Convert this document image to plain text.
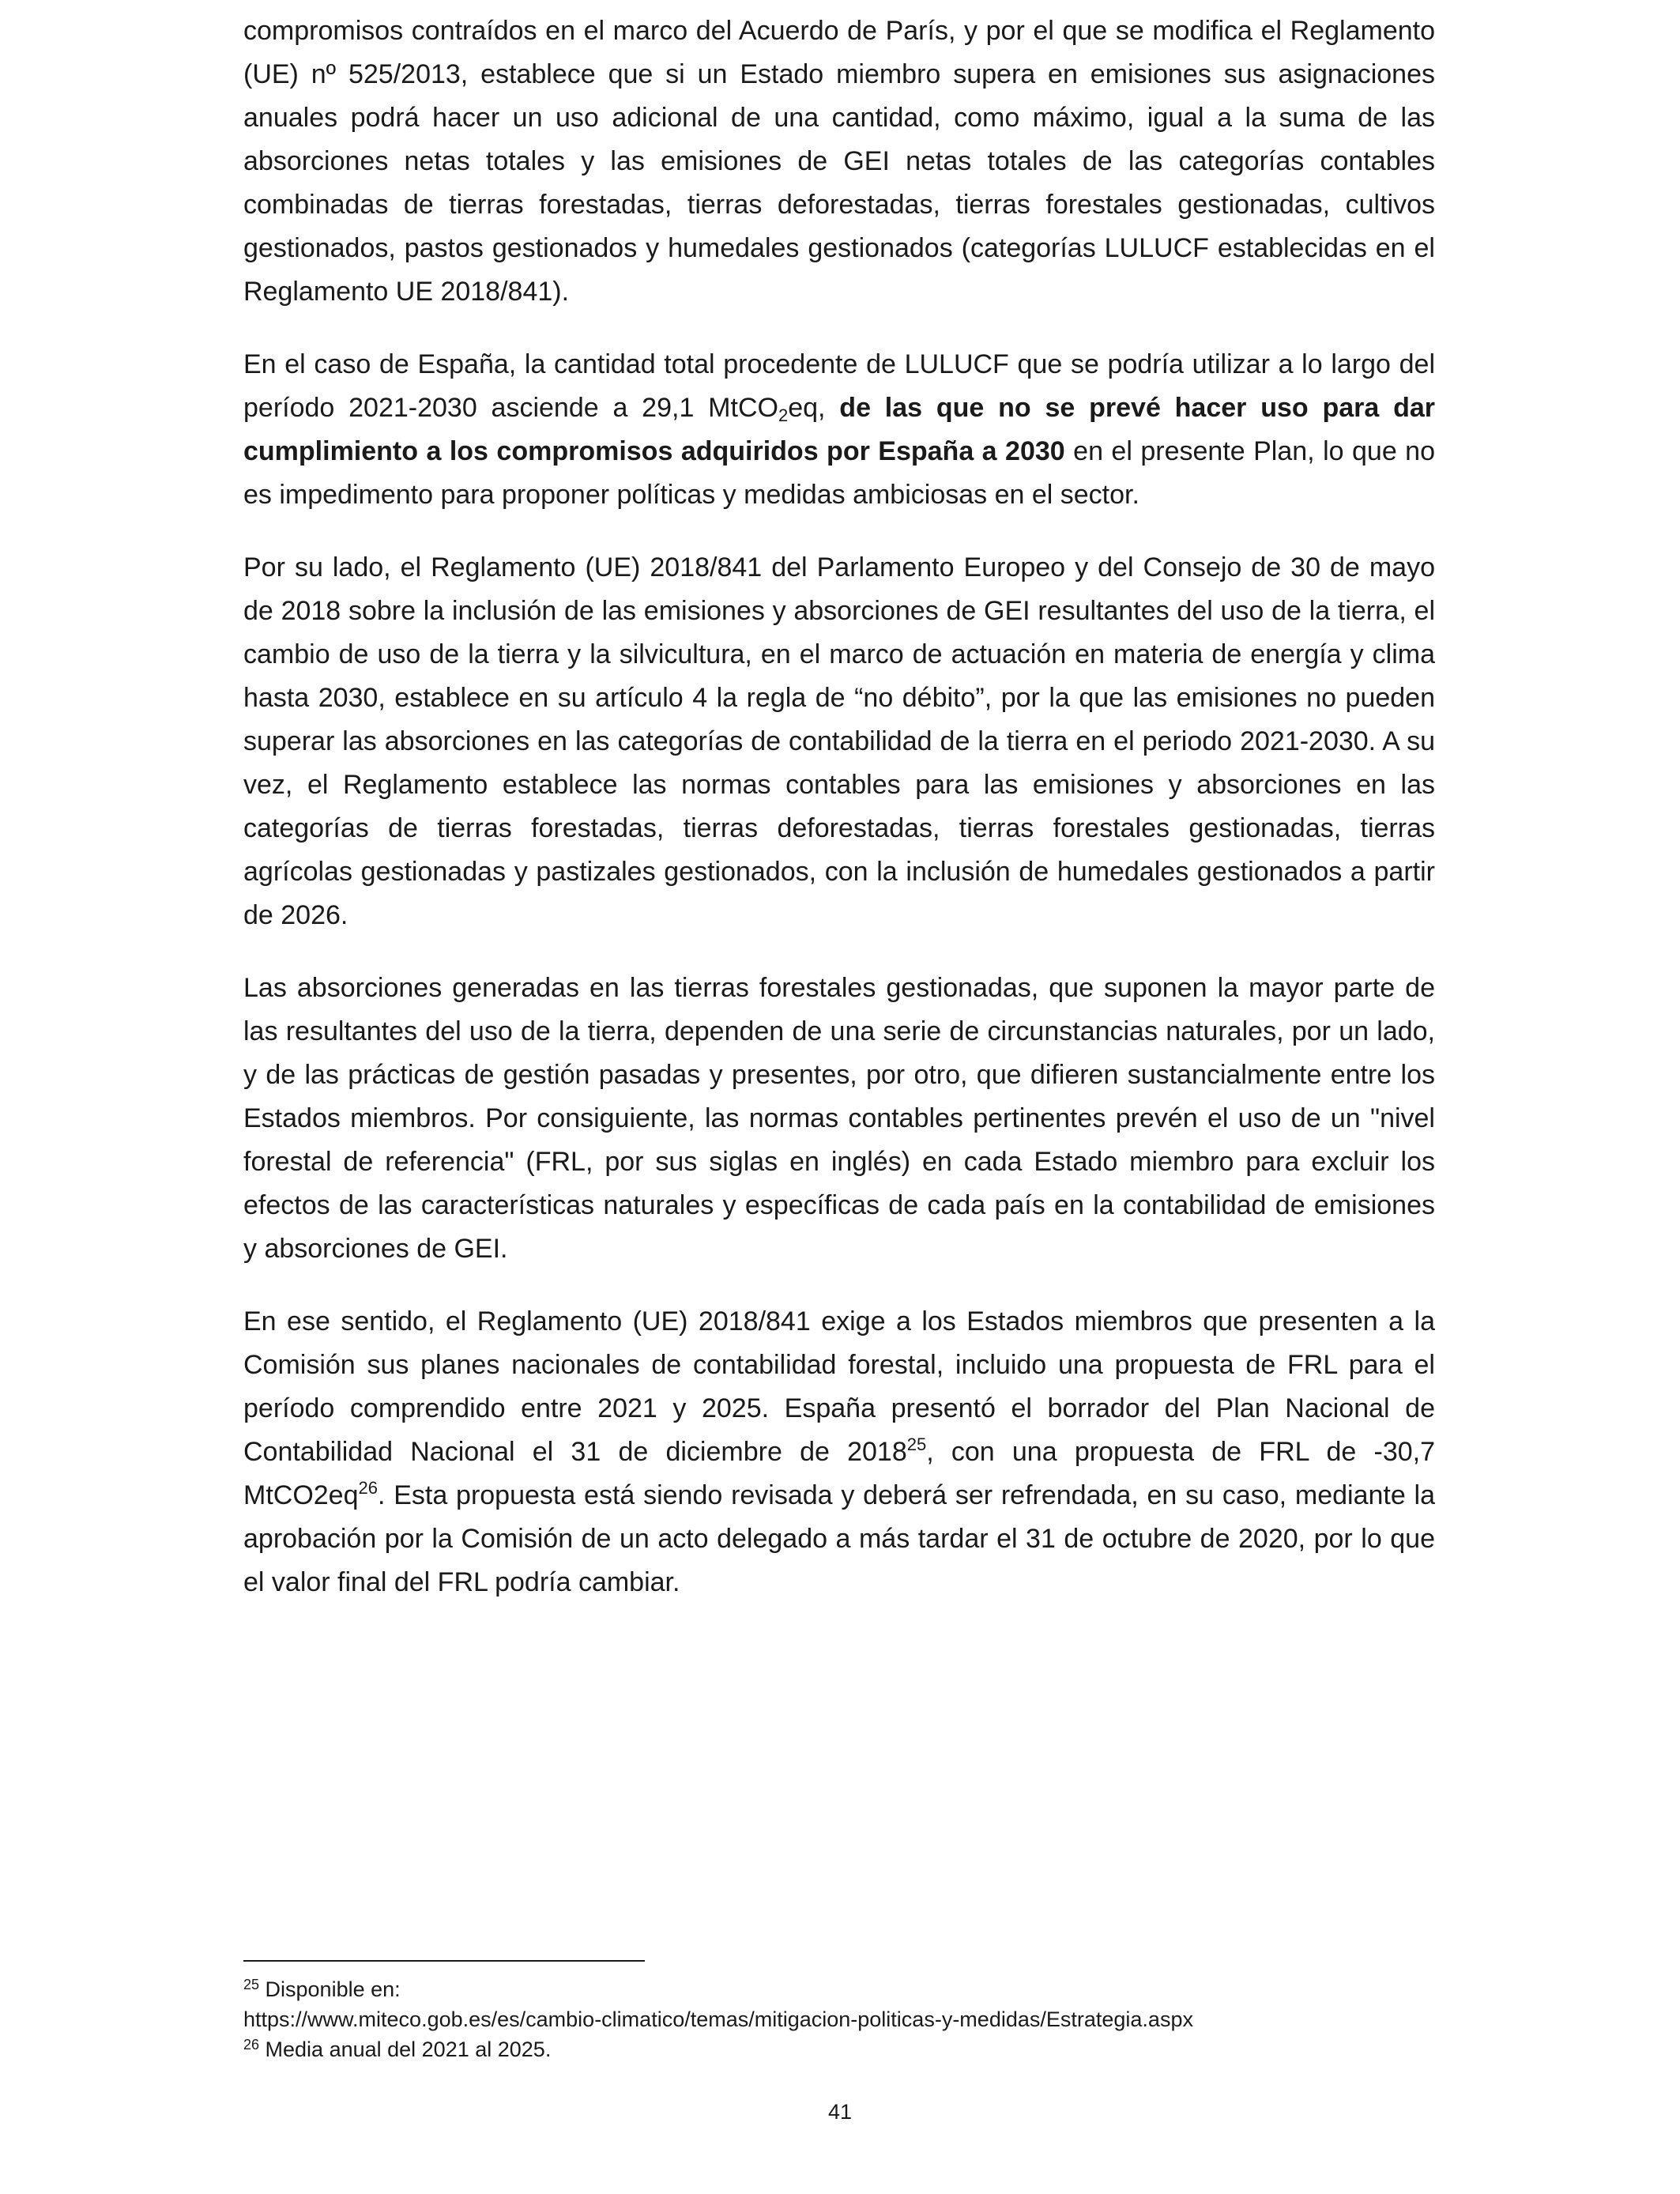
compromisos contraídos en el marco del Acuerdo de París, y por el que se modifica el Reglamento (UE) nº 525/2013, establece que si un Estado miembro supera en emisiones sus asignaciones anuales podrá hacer un uso adicional de una cantidad, como máximo, igual a la suma de las absorciones netas totales y las emisiones de GEI netas totales de las categorías contables combinadas de tierras forestadas, tierras deforestadas, tierras forestales gestionadas, cultivos gestionados, pastos gestionados y humedales gestionados (categorías LULUCF establecidas en el Reglamento UE 2018/841).

En el caso de España, la cantidad total procedente de LULUCF que se podría utilizar a lo largo del período 2021-2030 asciende a 29,1 MtCO$_2$eq, de las que no se prevé hacer uso para dar cumplimiento a los compromisos adquiridos por España a 2030 en el presente Plan, lo que no es impedimento para proponer políticas y medidas ambiciosas en el sector.

Por su lado, el Reglamento (UE) 2018/841 del Parlamento Europeo y del Consejo de 30 de mayo de 2018 sobre la inclusión de las emisiones y absorciones de GEI resultantes del uso de la tierra, el cambio de uso de la tierra y la silvicultura, en el marco de actuación en materia de energía y clima hasta 2030, establece en su artículo 4 la regla de “no débito”, por la que las emisiones no pueden superar las absorciones en las categorías de contabilidad de la tierra en el periodo 2021-2030. A su vez, el Reglamento establece las normas contables para las emisiones y absorciones en las categorías de tierras forestadas, tierras deforestadas, tierras forestales gestionadas, tierras agrícolas gestionadas y pastizales gestionados, con la inclusión de humedales gestionados a partir de 2026.

Las absorciones generadas en las tierras forestales gestionadas, que suponen la mayor parte de las resultantes del uso de la tierra, dependen de una serie de circunstancias naturales, por un lado, y de las prácticas de gestión pasadas y presentes, por otro, que difieren sustancialmente entre los Estados miembros. Por consiguiente, las normas contables pertinentes prevén el uso de un "nivel forestal de referencia" (FRL, por sus siglas en inglés) en cada Estado miembro para excluir los efectos de las características naturales y específicas de cada país en la contabilidad de emisiones y absorciones de GEI.

En ese sentido, el Reglamento (UE) 2018/841 exige a los Estados miembros que presenten a la Comisión sus planes nacionales de contabilidad forestal, incluido una propuesta de FRL para el período comprendido entre 2021 y 2025. España presentó el borrador del Plan Nacional de Contabilidad Nacional el 31 de diciembre de 2018$^{25}$, con una propuesta de FRL de -30,7 $MtCO2eq^{26}$. Esta propuesta está siendo revisada y deberá ser refrendada, en su caso, mediante la aprobación por la Comisión de un acto delegado a más tardar el 31 de octubre de 2020, por lo que el valor final del FRL podría cambiar.

$^{25}$ Disponible en:

https://www.miteco.gob.es/es/cambio-climatico/temas/mitigacion-politicas-y-medidas/Estrategia.aspx

$^{26}$ Media anual del 2021 al 2025.

41
